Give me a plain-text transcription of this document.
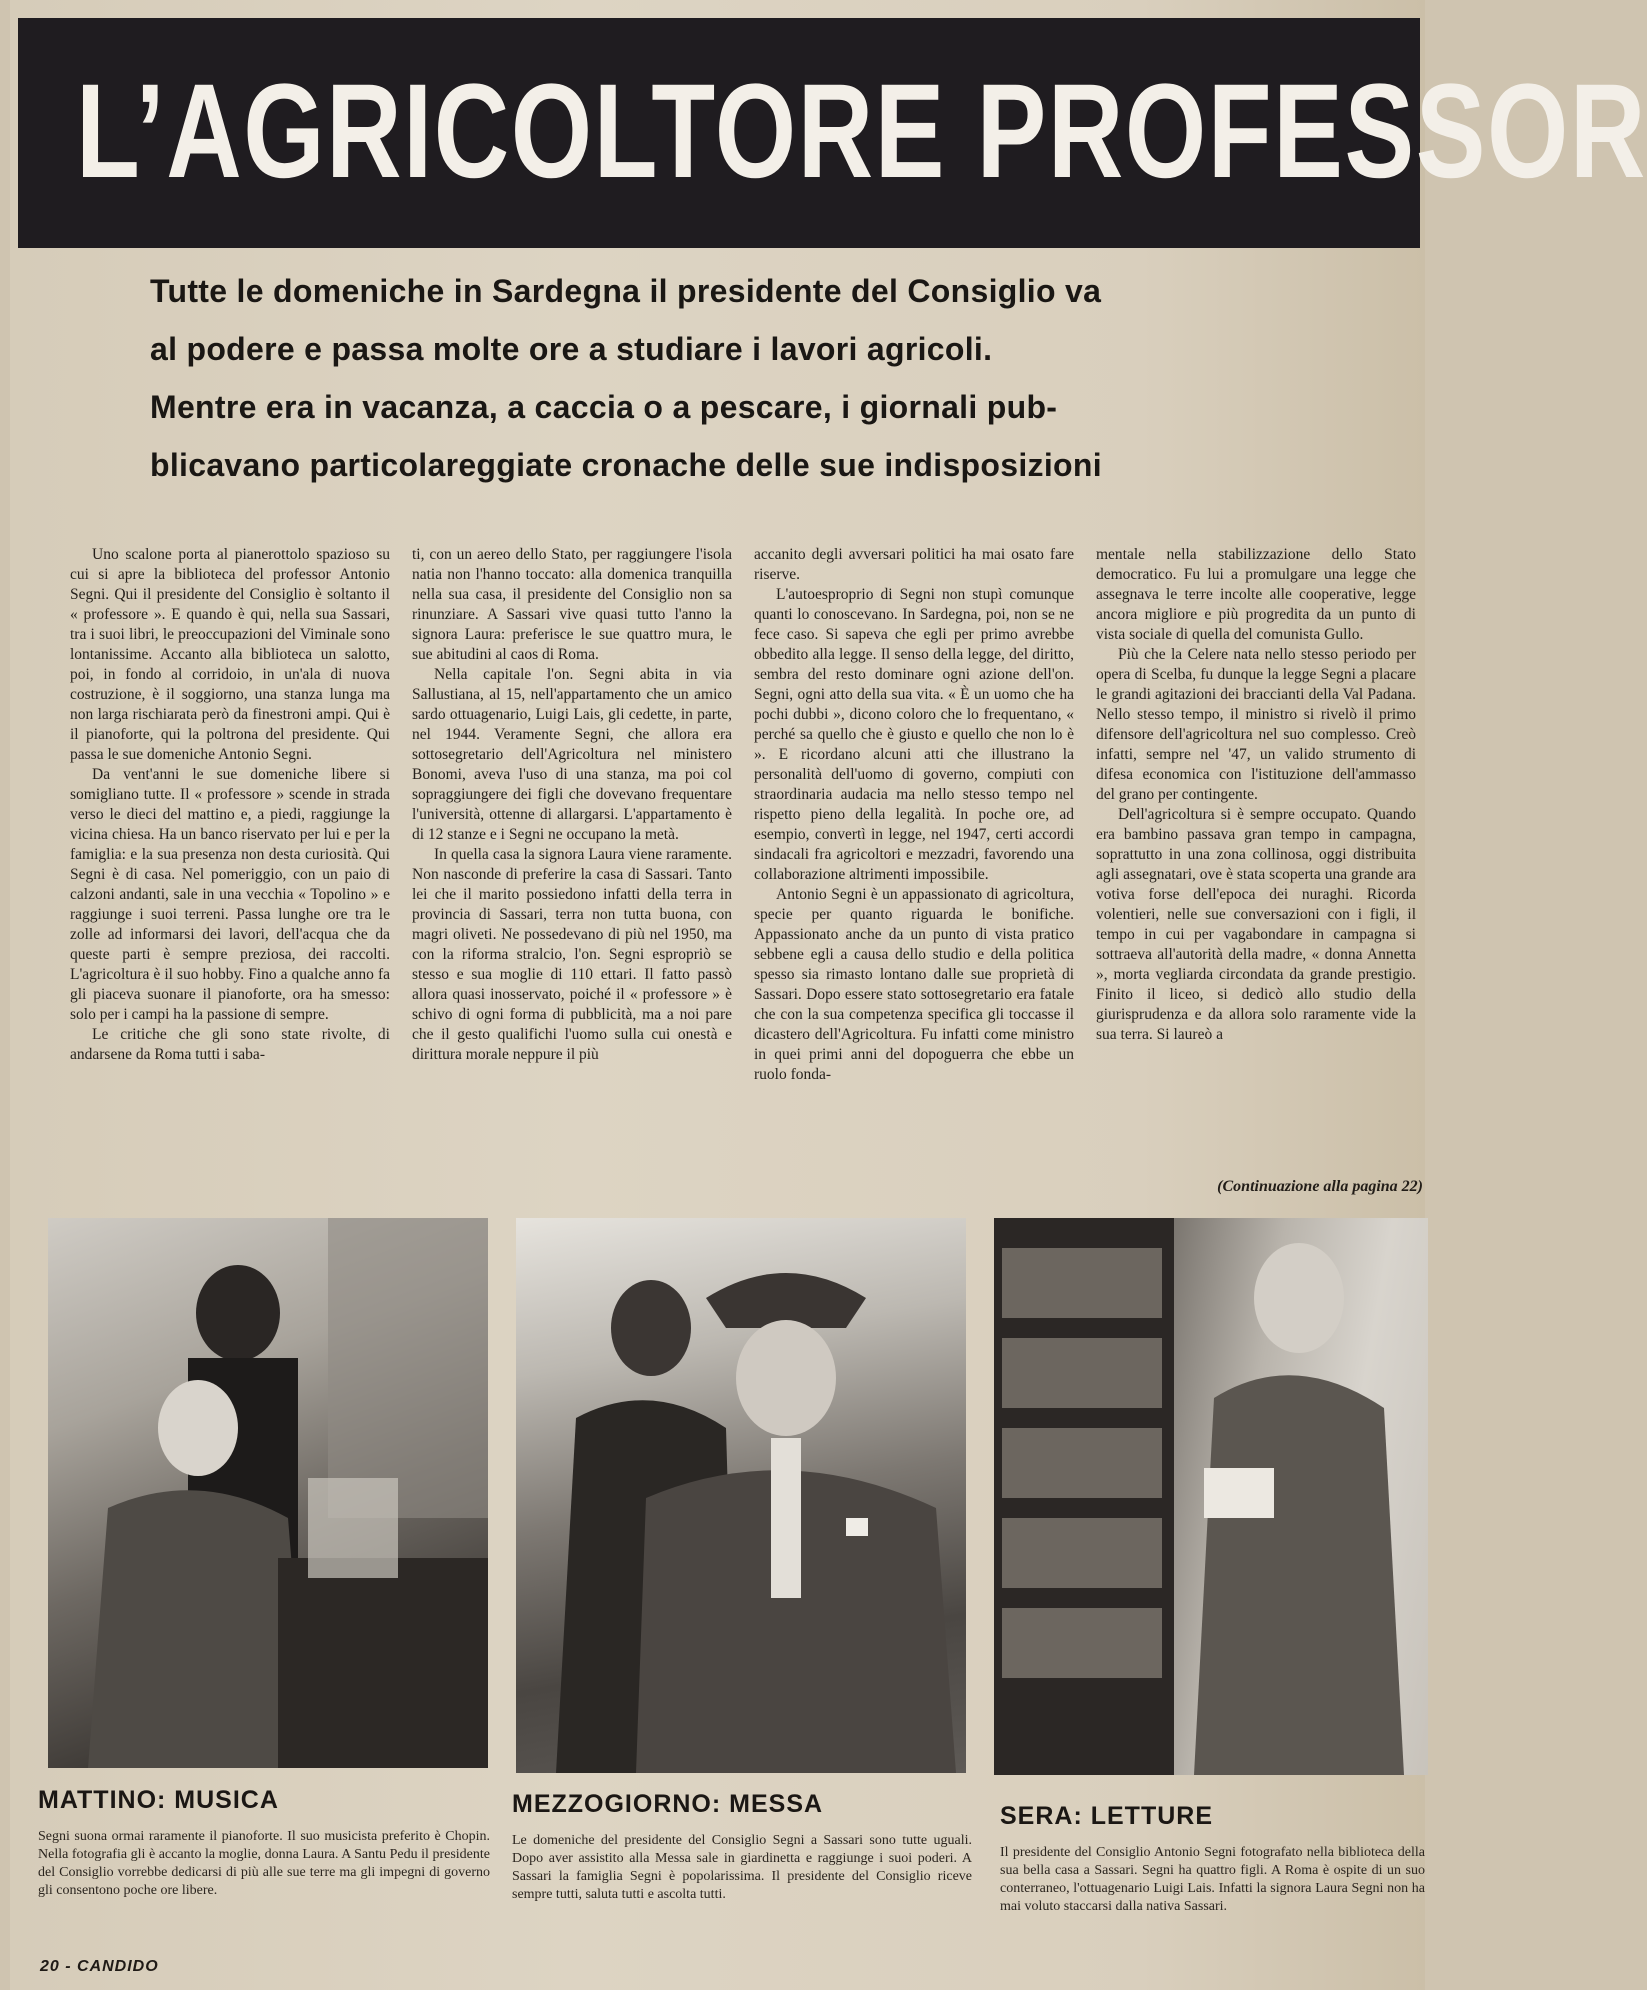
L’AGRICOLTORE PROFESSOR
Tutte le domeniche in Sardegna il presidente del Consiglio va
al podere e passa molte ore a studiare i lavori agricoli.
Mentre era in vacanza, a caccia o a pescare, i giornali pub-
blicavano particolareggiate cronache delle sue indisposizioni

Uno scalone porta al pianerottolo spazioso su cui si apre la biblioteca del professor Antonio Segni. Qui il presidente del Consiglio è soltanto il « professore ». E quando è qui, nella sua Sassari, tra i suoi libri, le preoccupazioni del Viminale sono lontanissime. Accanto alla biblioteca un salotto, poi, in fondo al corridoio, in un'ala di nuova costruzione, è il soggiorno, una stanza lunga ma non larga rischiarata però da finestroni ampi. Qui è il pianoforte, qui la poltrona del presidente. Qui passa le sue domeniche Antonio Segni.

Da vent'anni le sue domeniche libere si somigliano tutte. Il « professore » scende in strada verso le dieci del mattino e, a piedi, raggiunge la vicina chiesa. Ha un banco riservato per lui e per la famiglia: e la sua presenza non desta curiosità. Qui Segni è di casa. Nel pomeriggio, con un paio di calzoni andanti, sale in una vecchia « Topolino » e raggiunge i suoi terreni. Passa lunghe ore tra le zolle ad informarsi dei lavori, dell'acqua che da queste parti è sempre preziosa, dei raccolti. L'agricoltura è il suo hobby. Fino a qualche anno fa gli piaceva suonare il pianoforte, ora ha smesso: solo per i campi ha la passione di sempre.

Le critiche che gli sono state rivolte, di andarsene da Roma tutti i saba-

ti, con un aereo dello Stato, per raggiungere l'isola natia non l'hanno toccato: alla domenica tranquilla nella sua casa, il presidente del Consiglio non sa rinunziare. A Sassari vive quasi tutto l'anno la signora Laura: preferisce le sue quattro mura, le sue abitudini al caos di Roma.

Nella capitale l'on. Segni abita in via Sallustiana, al 15, nell'appartamento che un amico sardo ottuagenario, Luigi Lais, gli cedette, in parte, nel 1944. Veramente Segni, che allora era sottosegretario dell'Agricoltura nel ministero Bonomi, aveva l'uso di una stanza, ma poi col sopraggiungere dei figli che dovevano frequentare l'università, ottenne di allargarsi. L'appartamento è di 12 stanze e i Segni ne occupano la metà.

In quella casa la signora Laura viene raramente. Non nasconde di preferire la casa di Sassari. Tanto lei che il marito possiedono infatti della terra in provincia di Sassari, terra non tutta buona, con magri oliveti. Ne possedevano di più nel 1950, ma con la riforma stralcio, l'on. Segni espropriò se stesso e sua moglie di 110 ettari. Il fatto passò allora quasi inosservato, poiché il « professore » è schivo di ogni forma di pubblicità, ma a noi pare che il gesto qualifichi l'uomo sulla cui onestà e dirittura morale neppure il più

accanito degli avversari politici ha mai osato fare riserve.

L'autoesproprio di Segni non stupì comunque quanti lo conoscevano. In Sardegna, poi, non se ne fece caso. Si sapeva che egli per primo avrebbe obbedito alla legge. Il senso della legge, del diritto, sembra del resto dominare ogni azione dell'on. Segni, ogni atto della sua vita. « È un uomo che ha pochi dubbi », dicono coloro che lo frequentano, « perché sa quello che è giusto e quello che non lo è ». E ricordano alcuni atti che illustrano la personalità dell'uomo di governo, compiuti con straordinaria audacia ma nello stesso tempo nel rispetto pieno della legalità. In poche ore, ad esempio, convertì in legge, nel 1947, certi accordi sindacali fra agricoltori e mezzadri, favorendo una collaborazione altrimenti impossibile.

Antonio Segni è un appassionato di agricoltura, specie per quanto riguarda le bonifiche. Appassionato anche da un punto di vista pratico sebbene egli a causa dello studio e della politica spesso sia rimasto lontano dalle sue proprietà di Sassari. Dopo essere stato sottosegretario era fatale che con la sua competenza specifica gli toccasse il dicastero dell'Agricoltura. Fu infatti come ministro in quei primi anni del dopoguerra che ebbe un ruolo fonda-

mentale nella stabilizzazione dello Stato democratico. Fu lui a promulgare una legge che assegnava le terre incolte alle cooperative, legge ancora migliore e più progredita da un punto di vista sociale di quella del comunista Gullo.

Più che la Celere nata nello stesso periodo per opera di Scelba, fu dunque la legge Segni a placare le grandi agitazioni dei braccianti della Val Padana. Nello stesso tempo, il ministro si rivelò il primo difensore dell'agricoltura nel suo complesso. Creò infatti, sempre nel '47, un valido strumento di difesa economica con l'istituzione dell'ammasso del grano per contingente.

Dell'agricoltura si è sempre occupato. Quando era bambino passava gran tempo in campagna, soprattutto in una zona collinosa, oggi distribuita agli assegnatari, ove è stata scoperta una grande ara votiva forse dell'epoca dei nuraghi. Ricorda volentieri, nelle sue conversazioni con i figli, il tempo in cui per vagabondare in campagna si sottraeva all'autorità della madre, « donna Annetta », morta vegliarda circondata da grande prestigio. Finito il liceo, si dedicò allo studio della giurisprudenza e da allora solo raramente vide la sua terra. Si laureò a

(Continuazione alla pagina 22)
MATTINO: MUSICA
Segni suona ormai raramente il pianoforte. Il suo musicista preferito è Chopin. Nella fotografia gli è accanto la moglie, donna Laura. A Santu Pedu il presidente del Consiglio vorrebbe dedicarsi di più alle sue terre ma gli impegni di governo gli consentono poche ore libere.
MEZZOGIORNO: MESSA
Le domeniche del presidente del Consiglio Segni a Sassari sono tutte uguali. Dopo aver assistito alla Messa sale in giardinetta e raggiunge i suoi poderi. A Sassari la famiglia Segni è popolarissima. Il presidente del Consiglio riceve sempre tutti, saluta tutti e ascolta tutti.
SERA: LETTURE
Il presidente del Consiglio Antonio Segni fotografato nella biblioteca della sua bella casa a Sassari. Segni ha quattro figli. A Roma è ospite di un suo conterraneo, l'ottuagenario Luigi Lais. Infatti la signora Laura Segni non ha mai voluto staccarsi dalla nativa Sassari.
20 - CANDIDO
